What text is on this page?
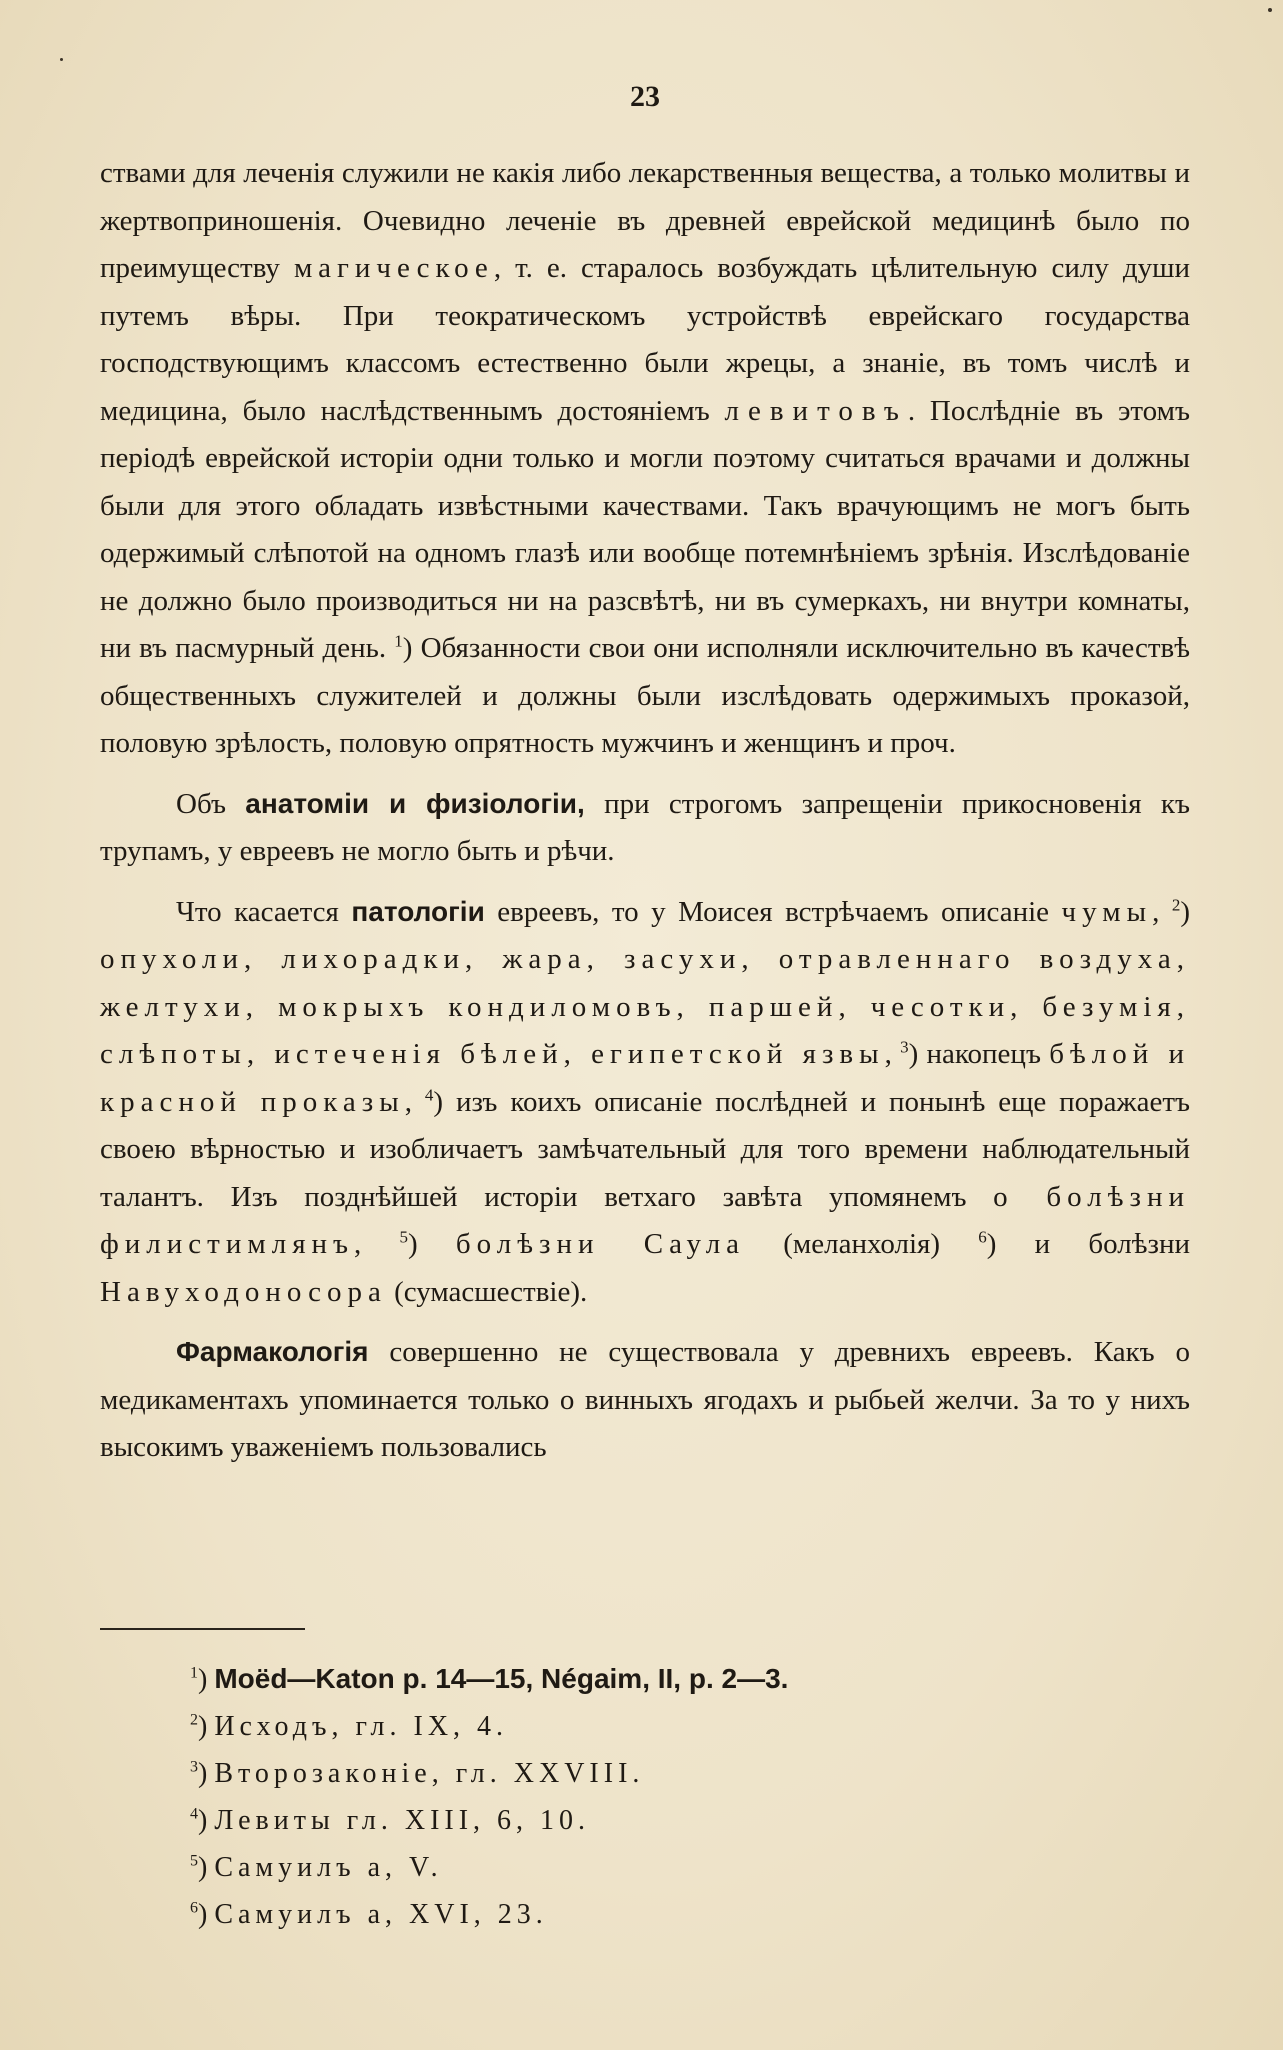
23

ствами для леченія служили не какія либо лекарственныя вещества, а только молитвы и жертвоприношенія. Очевидно леченіе въ древней еврейской медицинѣ было по преимуществу магическое, т. е. старалось возбуждать цѣлительную силу души путемъ вѣры. При теократическомъ устройствѣ еврейскаго государства господствующимъ классомъ естественно были жрецы, а знаніе, въ томъ числѣ и медицина, было наслѣдственнымъ достояніемъ левитовъ. Послѣдніе въ этомъ періодѣ еврейской исторіи одни только и могли поэтому считаться врачами и должны были для этого обладать извѣстными качествами. Такъ врачующимъ не могъ быть одержимый слѣпотой на одномъ глазѣ или вообще потемнѣніемъ зрѣнія. Изслѣдованіе не должно было производиться ни на разсвѣтѣ, ни въ сумеркахъ, ни внутри комнаты, ни въ пасмурный день. $^1$) Обязанности свои они исполняли исключительно въ качествѣ общественныхъ служителей и должны были изслѣдовать одержимыхъ проказой, половую зрѣлость, половую опрятность мужчинъ и женщинъ и проч.

Объ анатоміи и физіологіи, при строгомъ запрещеніи прикосновенія къ трупамъ, у евреевъ не могло быть и рѣчи.

Что касается патологіи евреевъ, то у Моисея встрѣчаемъ описаніе чумы, $^2$) опухоли, лихорадки, жара, засухи, отравленнаго воздуха, желтухи, мокрыхъ кондиломовъ, паршей, чесотки, безумія, слѣпоты, истеченія бѣлей, египетской язвы, $^3$) накопецъ бѣлой и красной проказы, $^4$) изъ коихъ описаніе послѣдней и понынѣ еще поражаетъ своею вѣрностью и изобличаетъ замѣчательный для того времени наблюдательный талантъ. Изъ позднѣйшей исторіи ветхаго завѣта упомянемъ о болѣзни филистимлянъ, $^5$) болѣзни Саула (меланхолія) $^6$) и болѣзни Навуходоносора (сумасшествіе).

Фармакологія совершенно не существовала у древнихъ евреевъ. Какъ о медикаментахъ упоминается только о винныхъ ягодахъ и рыбьей желчи. За то у нихъ высокимъ уваженіемъ пользовались

$^1$) Moëd—Katon p. 14—15, Négaim, II, p. 2—3.
$^2$) Исходъ, гл. IX, 4.
$^3$) Второзаконіе, гл. XXVIII.
$^4$) Левиты гл. XIII, 6, 10.
$^5$) Самуилъ а, V.
$^6$) Самуилъ а, XVI, 23.
